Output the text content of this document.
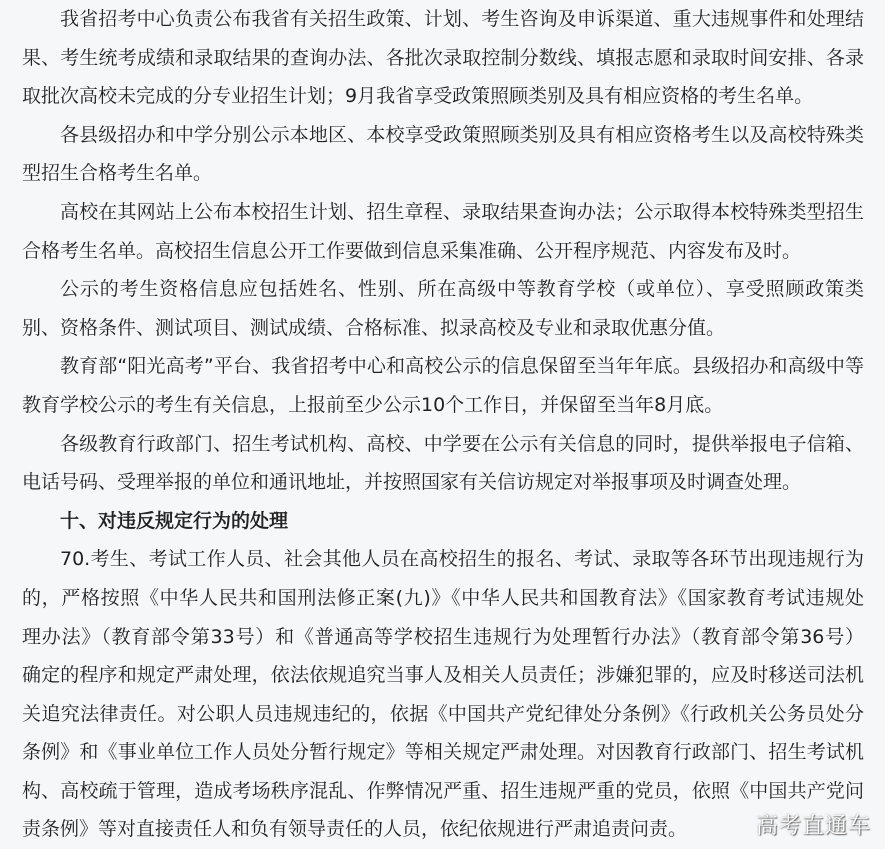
我省招考中心负责公布我省有关招生政策、计划、考生咨询及申诉渠道、重大违规事件和处理结
果、考生统考成绩和录取结果的查询办法、各批次录取控制分数线、填报志愿和录取时间安排、各录
取批次高校未完成的分专业招生计划；9月我省享受政策照顾类别及具有相应资格的考生名单。
各县级招办和中学分别公示本地区、本校享受政策照顾类别及具有相应资格考生以及高校特殊类
型招生合格考生名单。
高校在其网站上公布本校招生计划、招生章程、录取结果查询办法；公示取得本校特殊类型招生
合格考生名单。高校招生信息公开工作要做到信息采集准确、公开程序规范、内容发布及时。
公示的考生资格信息应包括姓名、性别、所在高级中等教育学校（或单位）、享受照顾政策类
别、资格条件、测试项目、测试成绩、合格标准、拟录高校及专业和录取优惠分值。
教育部“阳光高考”平台、我省招考中心和高校公示的信息保留至当年年底。县级招办和高级中等
教育学校公示的考生有关信息，上报前至少公示10个工作日，并保留至当年8月底。
各级教育行政部门、招生考试机构、高校、中学要在公示有关信息的同时，提供举报电子信箱、
电话号码、受理举报的单位和通讯地址，并按照国家有关信访规定对举报事项及时调查处理。
十、对违反规定行为的处理
70.考生、考试工作人员、社会其他人员在高校招生的报名、考试、录取等各环节出现违规行为
的，严格按照《中华人民共和国刑法修正案(九)》《中华人民共和国教育法》《国家教育考试违规处
理办法》（教育部令第33号）和《普通高等学校招生违规行为处理暂行办法》（教育部令第36号）
确定的程序和规定严肃处理，依法依规追究当事人及相关人员责任；涉嫌犯罪的，应及时移送司法机
关追究法律责任。对公职人员违规违纪的，依据《中国共产党纪律处分条例》《行政机关公务员处分
条例》和《事业单位工作人员处分暂行规定》等相关规定严肃处理。对因教育行政部门、招生考试机
构、高校疏于管理，造成考场秩序混乱、作弊情况严重、招生违规严重的党员，依照《中国共产党问
责条例》等对直接责任人和负有领导责任的人员，依纪依规进行严肃追责问责。	高考直通车
